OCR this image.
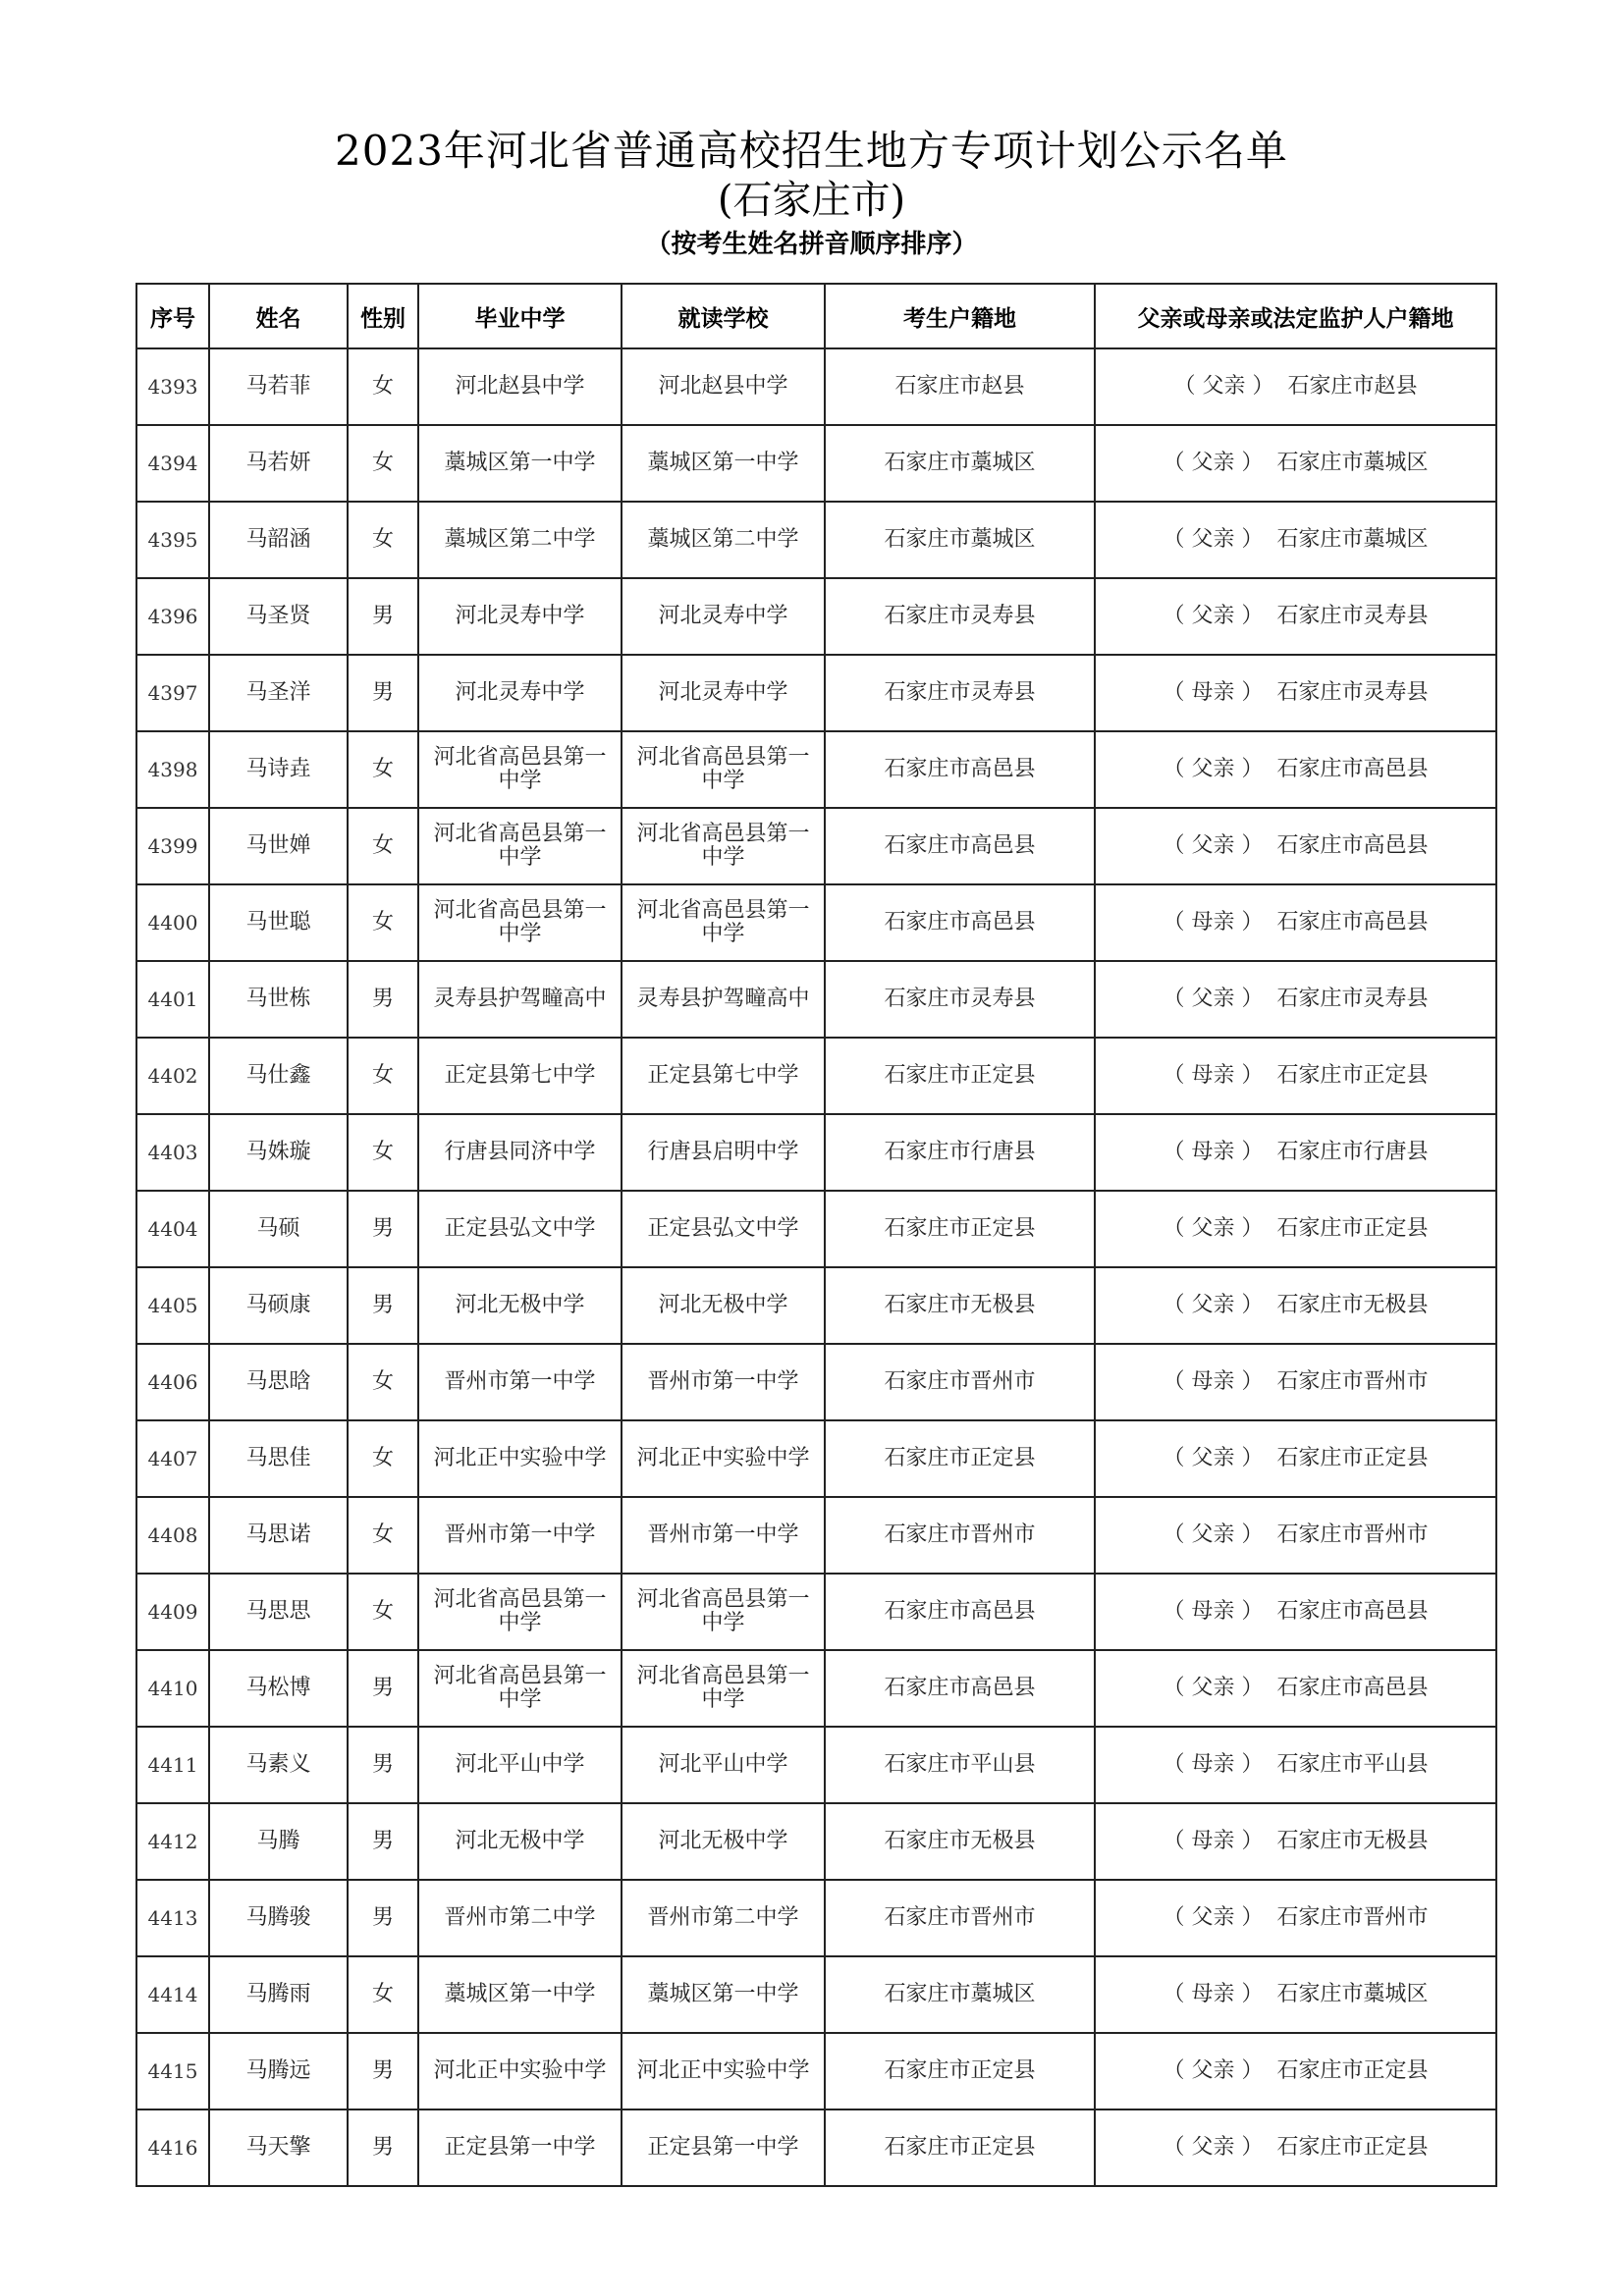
2023年河北省普通高校招生地方专项计划公示名单
(石家庄市)
（按考生姓名拼音顺序排序）
序号	姓名	性别	毕业中学	就读学校	考生户籍地	父亲或母亲或法定监护人户籍地
4393	马若菲	女	河北赵县中学	河北赵县中学	石家庄市赵县	（ 父亲 ） 石家庄市赵县
4394	马若妍	女	藁城区第一中学	藁城区第一中学	石家庄市藁城区	（ 父亲 ） 石家庄市藁城区
4395	马韶涵	女	藁城区第二中学	藁城区第二中学	石家庄市藁城区	（ 父亲 ） 石家庄市藁城区
4396	马圣贤	男	河北灵寿中学	河北灵寿中学	石家庄市灵寿县	（ 父亲 ） 石家庄市灵寿县
4397	马圣洋	男	河北灵寿中学	河北灵寿中学	石家庄市灵寿县	（ 母亲 ） 石家庄市灵寿县
4398	马诗垚	女	河北省高邑县第一中学	河北省高邑县第一中学	石家庄市高邑县	（ 父亲 ） 石家庄市高邑县
4399	马世婵	女	河北省高邑县第一中学	河北省高邑县第一中学	石家庄市高邑县	（ 父亲 ） 石家庄市高邑县
4400	马世聪	女	河北省高邑县第一中学	河北省高邑县第一中学	石家庄市高邑县	（ 母亲 ） 石家庄市高邑县
4401	马世栋	男	灵寿县护驾疃高中	灵寿县护驾疃高中	石家庄市灵寿县	（ 父亲 ） 石家庄市灵寿县
4402	马仕鑫	女	正定县第七中学	正定县第七中学	石家庄市正定县	（ 母亲 ） 石家庄市正定县
4403	马姝璇	女	行唐县同济中学	行唐县启明中学	石家庄市行唐县	（ 母亲 ） 石家庄市行唐县
4404	马硕	男	正定县弘文中学	正定县弘文中学	石家庄市正定县	（ 父亲 ） 石家庄市正定县
4405	马硕康	男	河北无极中学	河北无极中学	石家庄市无极县	（ 父亲 ） 石家庄市无极县
4406	马思晗	女	晋州市第一中学	晋州市第一中学	石家庄市晋州市	（ 母亲 ） 石家庄市晋州市
4407	马思佳	女	河北正中实验中学	河北正中实验中学	石家庄市正定县	（ 父亲 ） 石家庄市正定县
4408	马思诺	女	晋州市第一中学	晋州市第一中学	石家庄市晋州市	（ 父亲 ） 石家庄市晋州市
4409	马思思	女	河北省高邑县第一中学	河北省高邑县第一中学	石家庄市高邑县	（ 母亲 ） 石家庄市高邑县
4410	马松博	男	河北省高邑县第一中学	河北省高邑县第一中学	石家庄市高邑县	（ 父亲 ） 石家庄市高邑县
4411	马素义	男	河北平山中学	河北平山中学	石家庄市平山县	（ 母亲 ） 石家庄市平山县
4412	马腾	男	河北无极中学	河北无极中学	石家庄市无极县	（ 母亲 ） 石家庄市无极县
4413	马腾骏	男	晋州市第二中学	晋州市第二中学	石家庄市晋州市	（ 父亲 ） 石家庄市晋州市
4414	马腾雨	女	藁城区第一中学	藁城区第一中学	石家庄市藁城区	（ 母亲 ） 石家庄市藁城区
4415	马腾远	男	河北正中实验中学	河北正中实验中学	石家庄市正定县	（ 父亲 ） 石家庄市正定县
4416	马天擎	男	正定县第一中学	正定县第一中学	石家庄市正定县	（ 父亲 ） 石家庄市正定县
